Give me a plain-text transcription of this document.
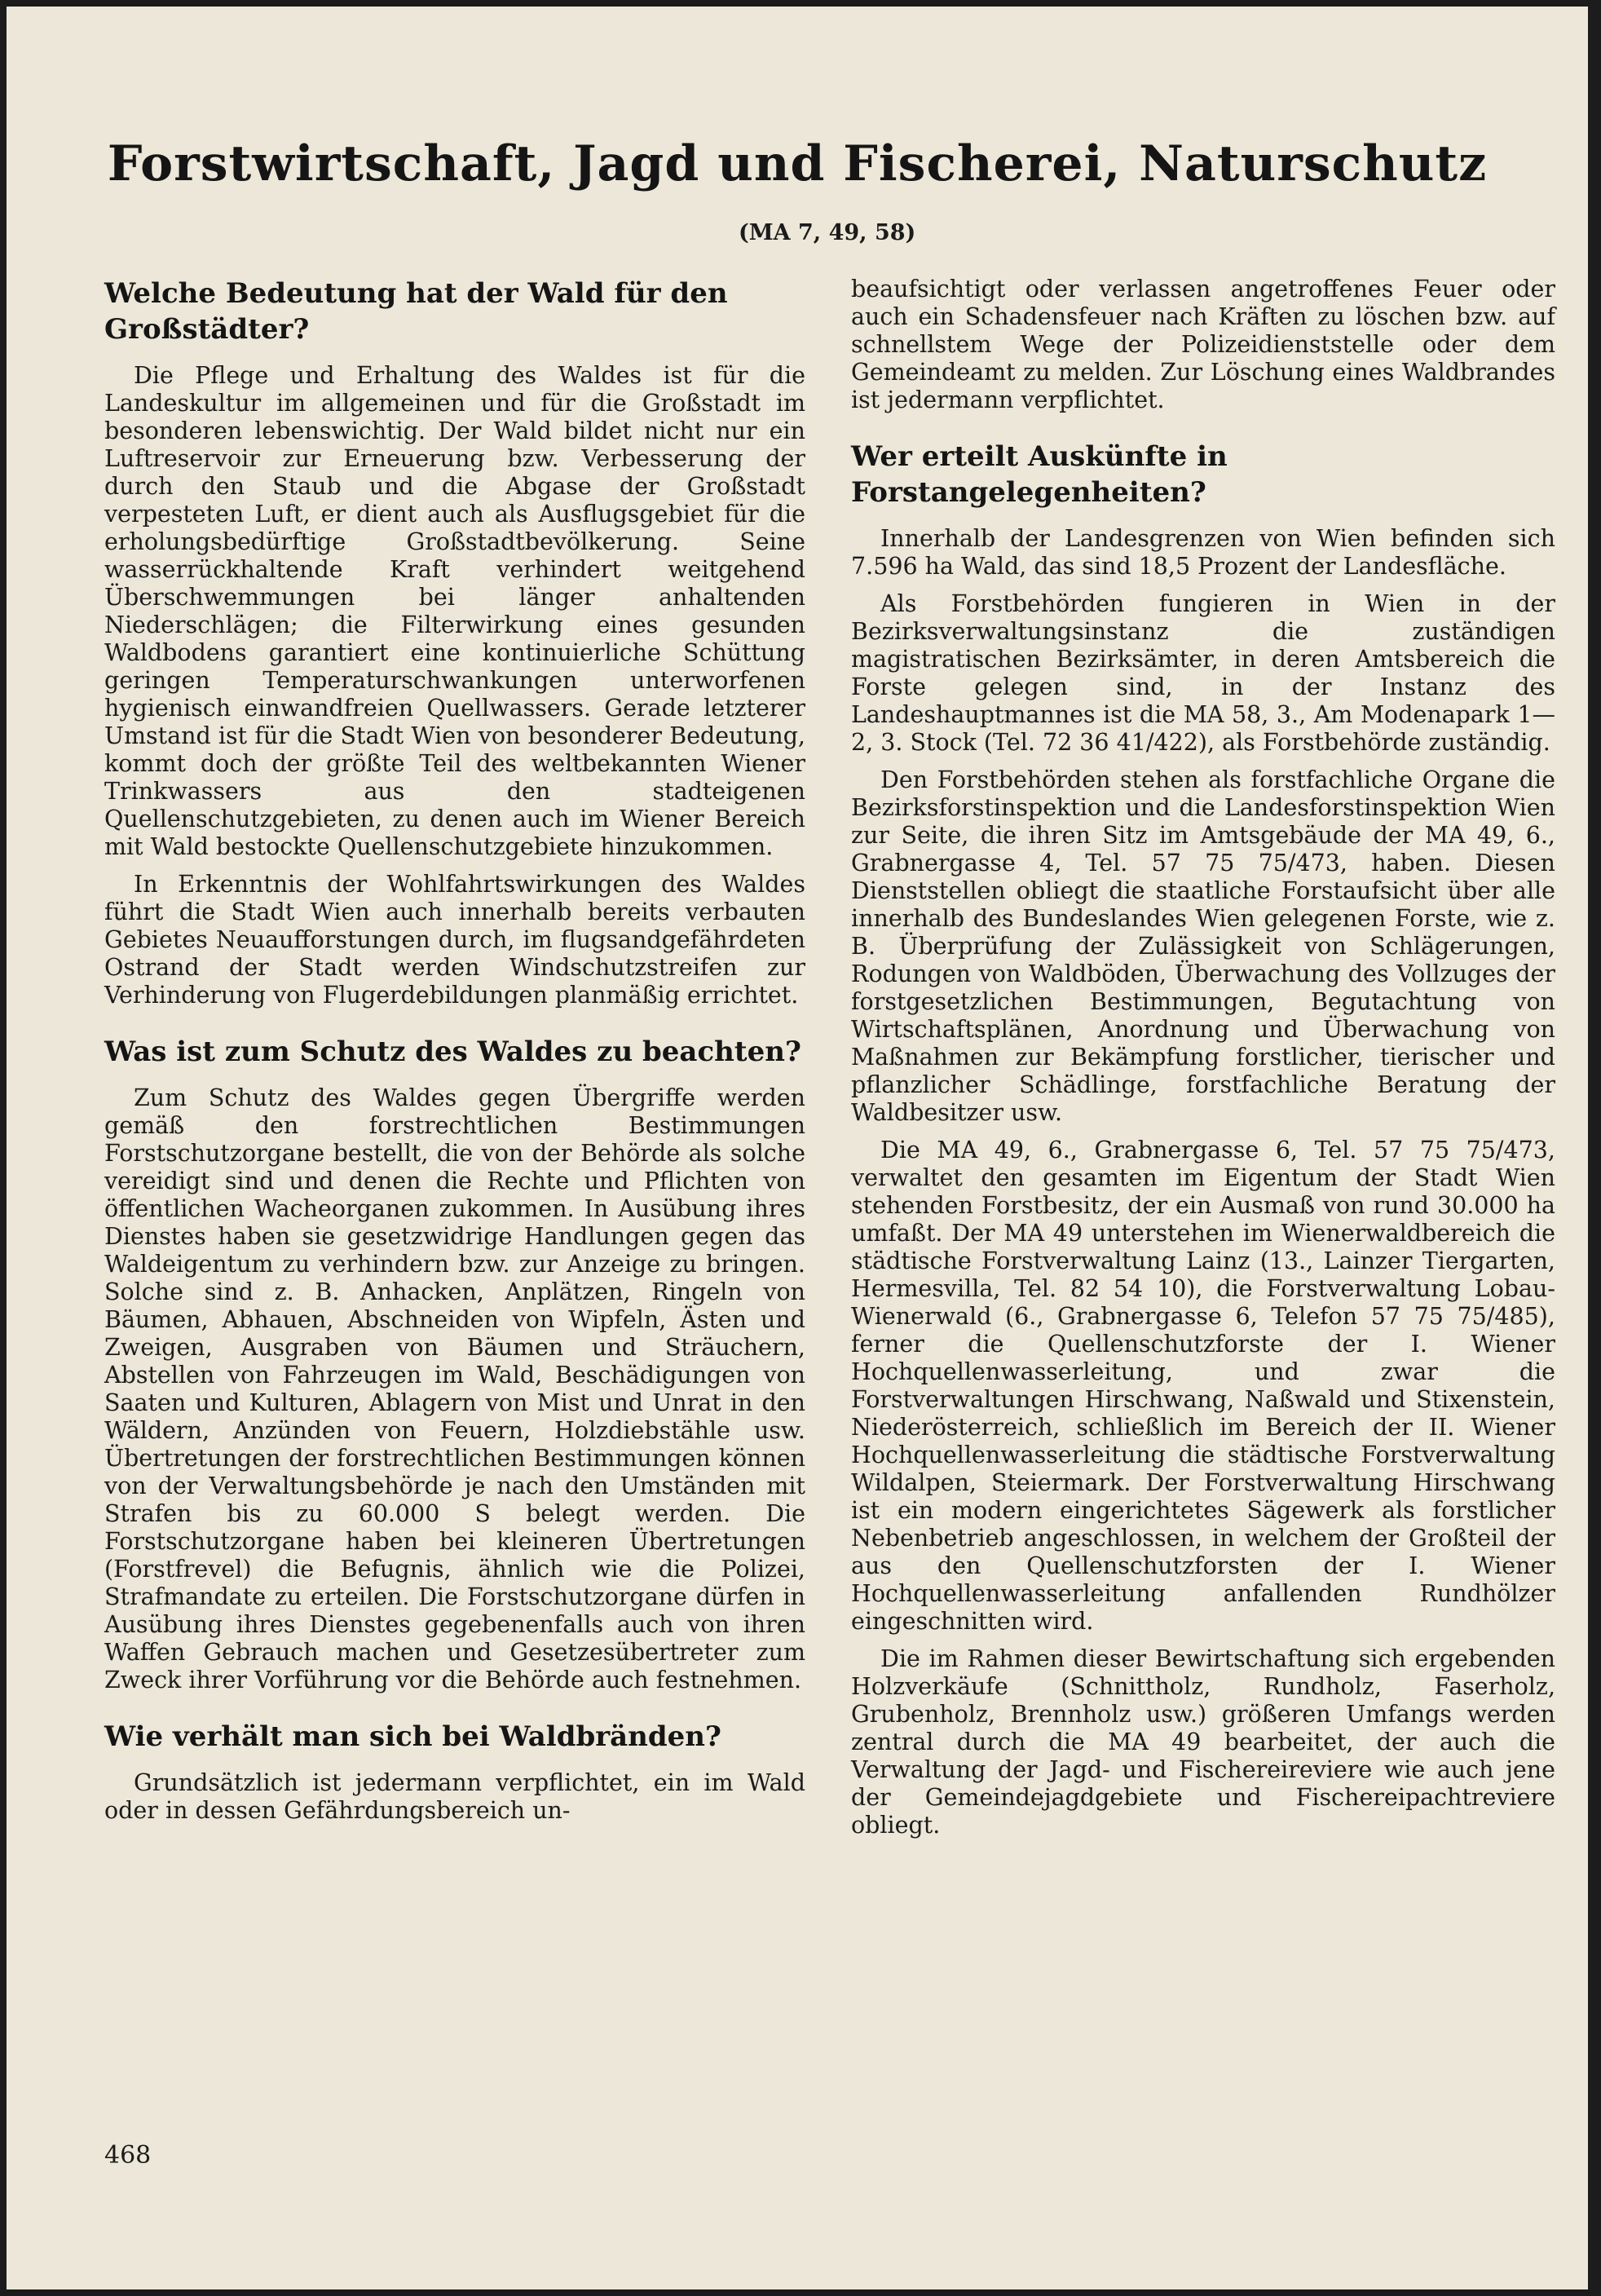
Forstwirtschaft, Jagd und Fischerei, Naturschutz
(MA 7, 49, 58)
Welche Bedeutung hat der Wald für den Großstädter?

Die Pflege und Erhaltung des Waldes ist für die Landeskultur im allgemeinen und für die Großstadt im besonderen lebenswichtig. Der Wald bildet nicht nur ein Luftreservoir zur Erneuerung bzw. Verbesserung der durch den Staub und die Abgase der Großstadt verpesteten Luft, er dient auch als Ausflugsgebiet für die erholungsbedürftige Großstadtbevölkerung. Seine wasserrückhaltende Kraft verhindert weitgehend Überschwemmungen bei länger anhaltenden Niederschlägen; die Filterwirkung eines gesunden Waldbodens garantiert eine kontinuierliche Schüttung geringen Temperaturschwankungen unterworfenen hygienisch einwandfreien Quellwassers. Gerade letzterer Umstand ist für die Stadt Wien von besonderer Bedeutung, kommt doch der größte Teil des weltbekannten Wiener Trinkwassers aus den stadteigenen Quellenschutzgebieten, zu denen auch im Wiener Bereich mit Wald bestockte Quellenschutzgebiete hinzukommen.

In Erkenntnis der Wohlfahrtswirkungen des Waldes führt die Stadt Wien auch innerhalb bereits verbauten Gebietes Neuaufforstungen durch, im flugsandgefährdeten Ostrand der Stadt werden Windschutzstreifen zur Verhinderung von Flugerdebildungen planmäßig errichtet.

Was ist zum Schutz des Waldes zu beachten?

Zum Schutz des Waldes gegen Übergriffe werden gemäß den forstrechtlichen Bestimmungen Forstschutzorgane bestellt, die von der Behörde als solche vereidigt sind und denen die Rechte und Pflichten von öffentlichen Wacheorganen zukommen. In Ausübung ihres Dienstes haben sie gesetzwidrige Handlungen gegen das Waldeigentum zu verhindern bzw. zur Anzeige zu bringen. Solche sind z. B. Anhacken, Anplätzen, Ringeln von Bäumen, Abhauen, Abschneiden von Wipfeln, Ästen und Zweigen, Ausgraben von Bäumen und Sträuchern, Abstellen von Fahrzeugen im Wald, Beschädigungen von Saaten und Kulturen, Ablagern von Mist und Unrat in den Wäldern, Anzünden von Feuern, Holzdiebstähle usw. Übertretungen der forstrechtlichen Bestimmungen können von der Verwaltungsbehörde je nach den Umständen mit Strafen bis zu 60.000 S belegt werden. Die Forstschutzorgane haben bei kleineren Übertretungen (Forstfrevel) die Befugnis, ähnlich wie die Polizei, Strafmandate zu erteilen. Die Forstschutzorgane dürfen in Ausübung ihres Dienstes gegebenenfalls auch von ihren Waffen Gebrauch machen und Gesetzesübertreter zum Zweck ihrer Vorführung vor die Behörde auch festnehmen.

Wie verhält man sich bei Waldbränden?

Grundsätzlich ist jedermann verpflichtet, ein im Wald oder in dessen Gefährdungsbereich un-

beaufsichtigt oder verlassen angetroffenes Feuer oder auch ein Schadensfeuer nach Kräften zu löschen bzw. auf schnellstem Wege der Polizeidienststelle oder dem Gemeindeamt zu melden. Zur Löschung eines Waldbrandes ist jedermann verpflichtet.

Wer erteilt Auskünfte in Forstangelegenheiten?

Innerhalb der Landesgrenzen von Wien befinden sich 7.596 ha Wald, das sind 18,5 Prozent der Landesfläche.

Als Forstbehörden fungieren in Wien in der Bezirksverwaltungsinstanz die zuständigen magistratischen Bezirksämter, in deren Amtsbereich die Forste gelegen sind, in der Instanz des Landeshauptmannes ist die MA 58, 3., Am Modenapark 1—2, 3. Stock (Tel. 72 36 41/422), als Forstbehörde zuständig.

Den Forstbehörden stehen als forstfachliche Organe die Bezirksforstinspektion und die Landesforstinspektion Wien zur Seite, die ihren Sitz im Amtsgebäude der MA 49, 6., Grabnergasse 4, Tel. 57 75 75/473, haben. Diesen Dienststellen obliegt die staatliche Forstaufsicht über alle innerhalb des Bundeslandes Wien gelegenen Forste, wie z. B. Überprüfung der Zulässigkeit von Schlägerungen, Rodungen von Waldböden, Überwachung des Vollzuges der forstgesetzlichen Bestimmungen, Begutachtung von Wirtschaftsplänen, Anordnung und Überwachung von Maßnahmen zur Bekämpfung forstlicher, tierischer und pflanzlicher Schädlinge, forstfachliche Beratung der Waldbesitzer usw.

Die MA 49, 6., Grabnergasse 6, Tel. 57 75 75/473, verwaltet den gesamten im Eigentum der Stadt Wien stehenden Forstbesitz, der ein Ausmaß von rund 30.000 ha umfaßt. Der MA 49 unterstehen im Wienerwaldbereich die städtische Forstverwaltung Lainz (13., Lainzer Tiergarten, Hermesvilla, Tel. 82 54 10), die Forstverwaltung Lobau-Wienerwald (6., Grabnergasse 6, Telefon 57 75 75/485), ferner die Quellenschutzforste der I. Wiener Hochquellenwasserleitung, und zwar die Forstverwaltungen Hirschwang, Naßwald und Stixenstein, Niederösterreich, schließlich im Bereich der II. Wiener Hochquellenwasserleitung die städtische Forstverwaltung Wildalpen, Steiermark. Der Forstverwaltung Hirschwang ist ein modern eingerichtetes Sägewerk als forstlicher Nebenbetrieb angeschlossen, in welchem der Großteil der aus den Quellenschutzforsten der I. Wiener Hochquellenwasserleitung anfallenden Rundhölzer eingeschnitten wird.

Die im Rahmen dieser Bewirtschaftung sich ergebenden Holzverkäufe (Schnittholz, Rundholz, Faserholz, Grubenholz, Brennholz usw.) größeren Umfangs werden zentral durch die MA 49 bearbeitet, der auch die Verwaltung der Jagd- und Fischereireviere wie auch jene der Gemeindejagdgebiete und Fischereipachtreviere obliegt.

468
